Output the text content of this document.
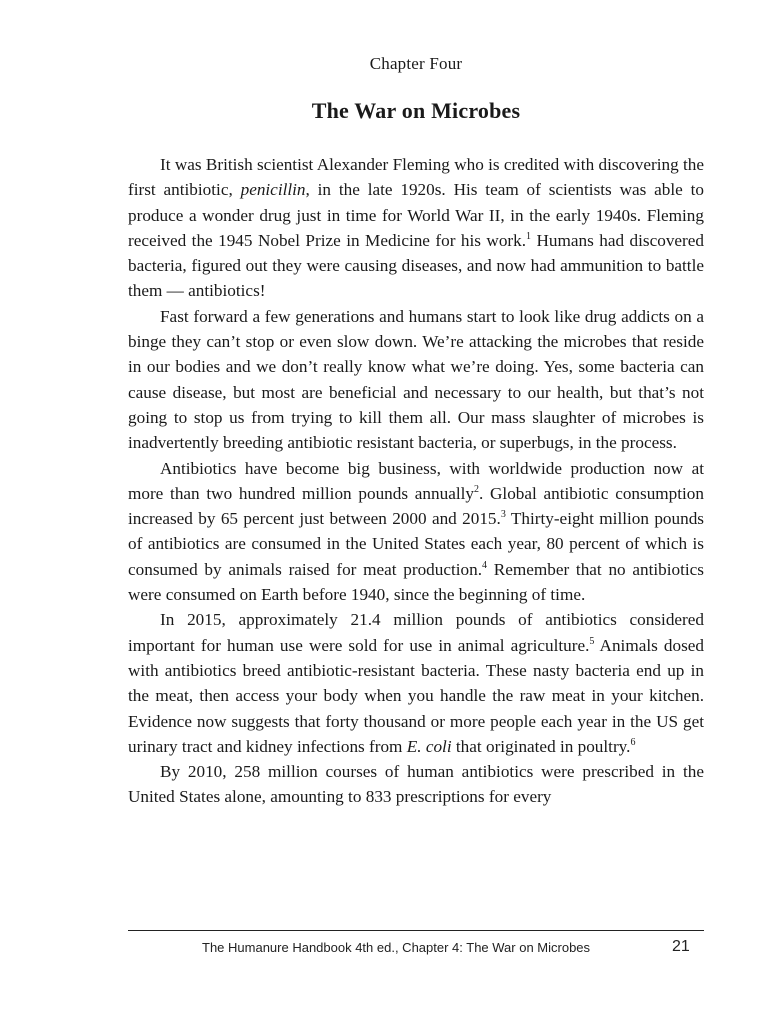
Chapter Four
The War on Microbes

It was British scientist Alexander Fleming who is credited with discovering the first antibiotic, penicillin, in the late 1920s. His team of scientists was able to produce a wonder drug just in time for World War II, in the early 1940s. Fleming received the 1945 Nobel Prize in Medicine for his work.$^1$ Humans had discovered bacteria, figured out they were causing diseases, and now had ammunition to battle them — antibiotics!

Fast forward a few generations and humans start to look like drug addicts on a binge they can’t stop or even slow down. We’re attacking the microbes that reside in our bodies and we don’t really know what we’re doing. Yes, some bacteria can cause disease, but most are beneficial and necessary to our health, but that’s not going to stop us from trying to kill them all. Our mass slaughter of microbes is inadvertently breeding antibiotic resistant bacteria, or superbugs, in the process.

Antibiotics have become big business, with worldwide production now at more than two hundred million pounds annually$^2$. Global antibiotic consumption increased by 65 percent just between 2000 and 2015.$^3$ Thirty-eight million pounds of antibiotics are consumed in the United States each year, 80 percent of which is consumed by animals raised for meat production.$^4$ Remember that no antibiotics were consumed on Earth before 1940, since the beginning of time.

In 2015, approximately 21.4 million pounds of antibiotics considered important for human use were sold for use in animal agriculture.$^5$ Animals dosed with antibiotics breed antibiotic-resistant bacteria. These nasty bacteria end up in the meat, then access your body when you handle the raw meat in your kitchen. Evidence now suggests that forty thousand or more people each year in the US get urinary tract and kidney infections from E. coli that originated in poultry.$^6$

By 2010, 258 million courses of human antibiotics were prescribed in the United States alone, amounting to 833 prescriptions for every

The Humanure Handbook 4th ed., Chapter 4: The War on Microbes	21
